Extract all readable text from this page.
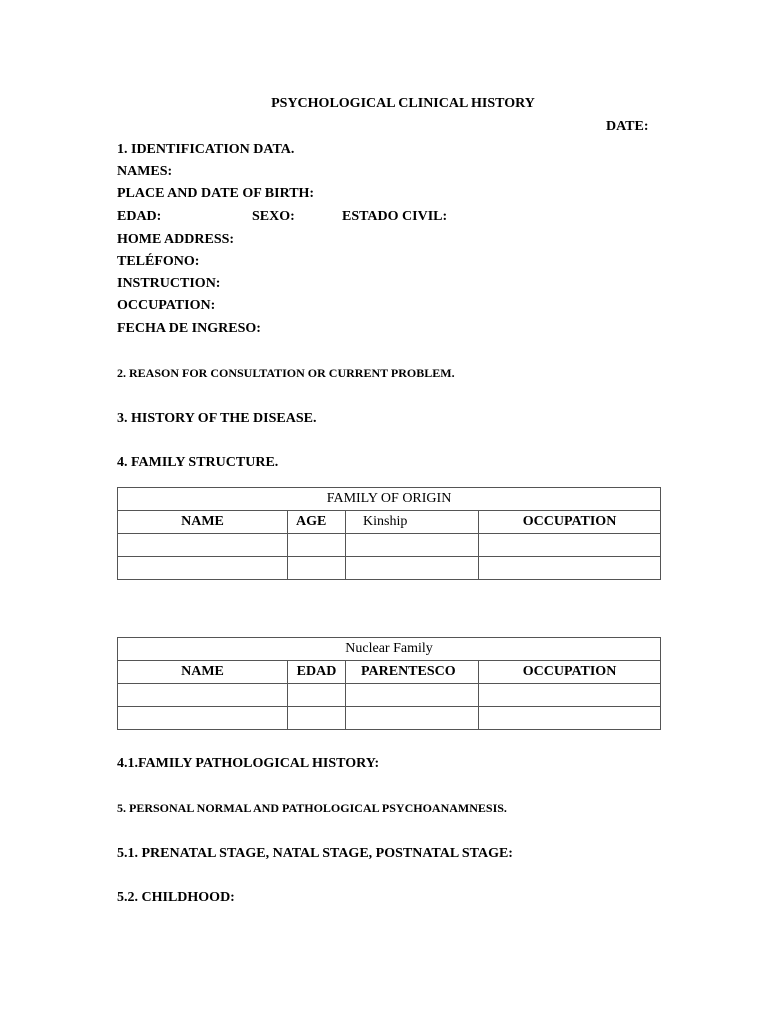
PSYCHOLOGICAL CLINICAL HISTORY
DATE:
1. IDENTIFICATION DATA.
NAMES:
PLACE AND DATE OF BIRTH:
EDAD:	SEXO:	ESTADO CIVIL:
HOME ADDRESS:
TELÉFONO:
INSTRUCTION:
OCCUPATION:
FECHA DE INGRESO:
2. REASON FOR CONSULTATION OR CURRENT PROBLEM.
3. HISTORY OF THE DISEASE.
4. FAMILY STRUCTURE.
FAMILY OF ORIGIN			
NAME	AGE	Kinship	OCCUPATION

Nuclear Family			
NAME	EDAD	PARENTESCO	OCCUPATION

4.1.FAMILY PATHOLOGICAL HISTORY:
5. PERSONAL NORMAL AND PATHOLOGICAL PSYCHOANAMNESIS.
5.1. PRENATAL STAGE, NATAL STAGE, POSTNATAL STAGE:
5.2. CHILDHOOD:
